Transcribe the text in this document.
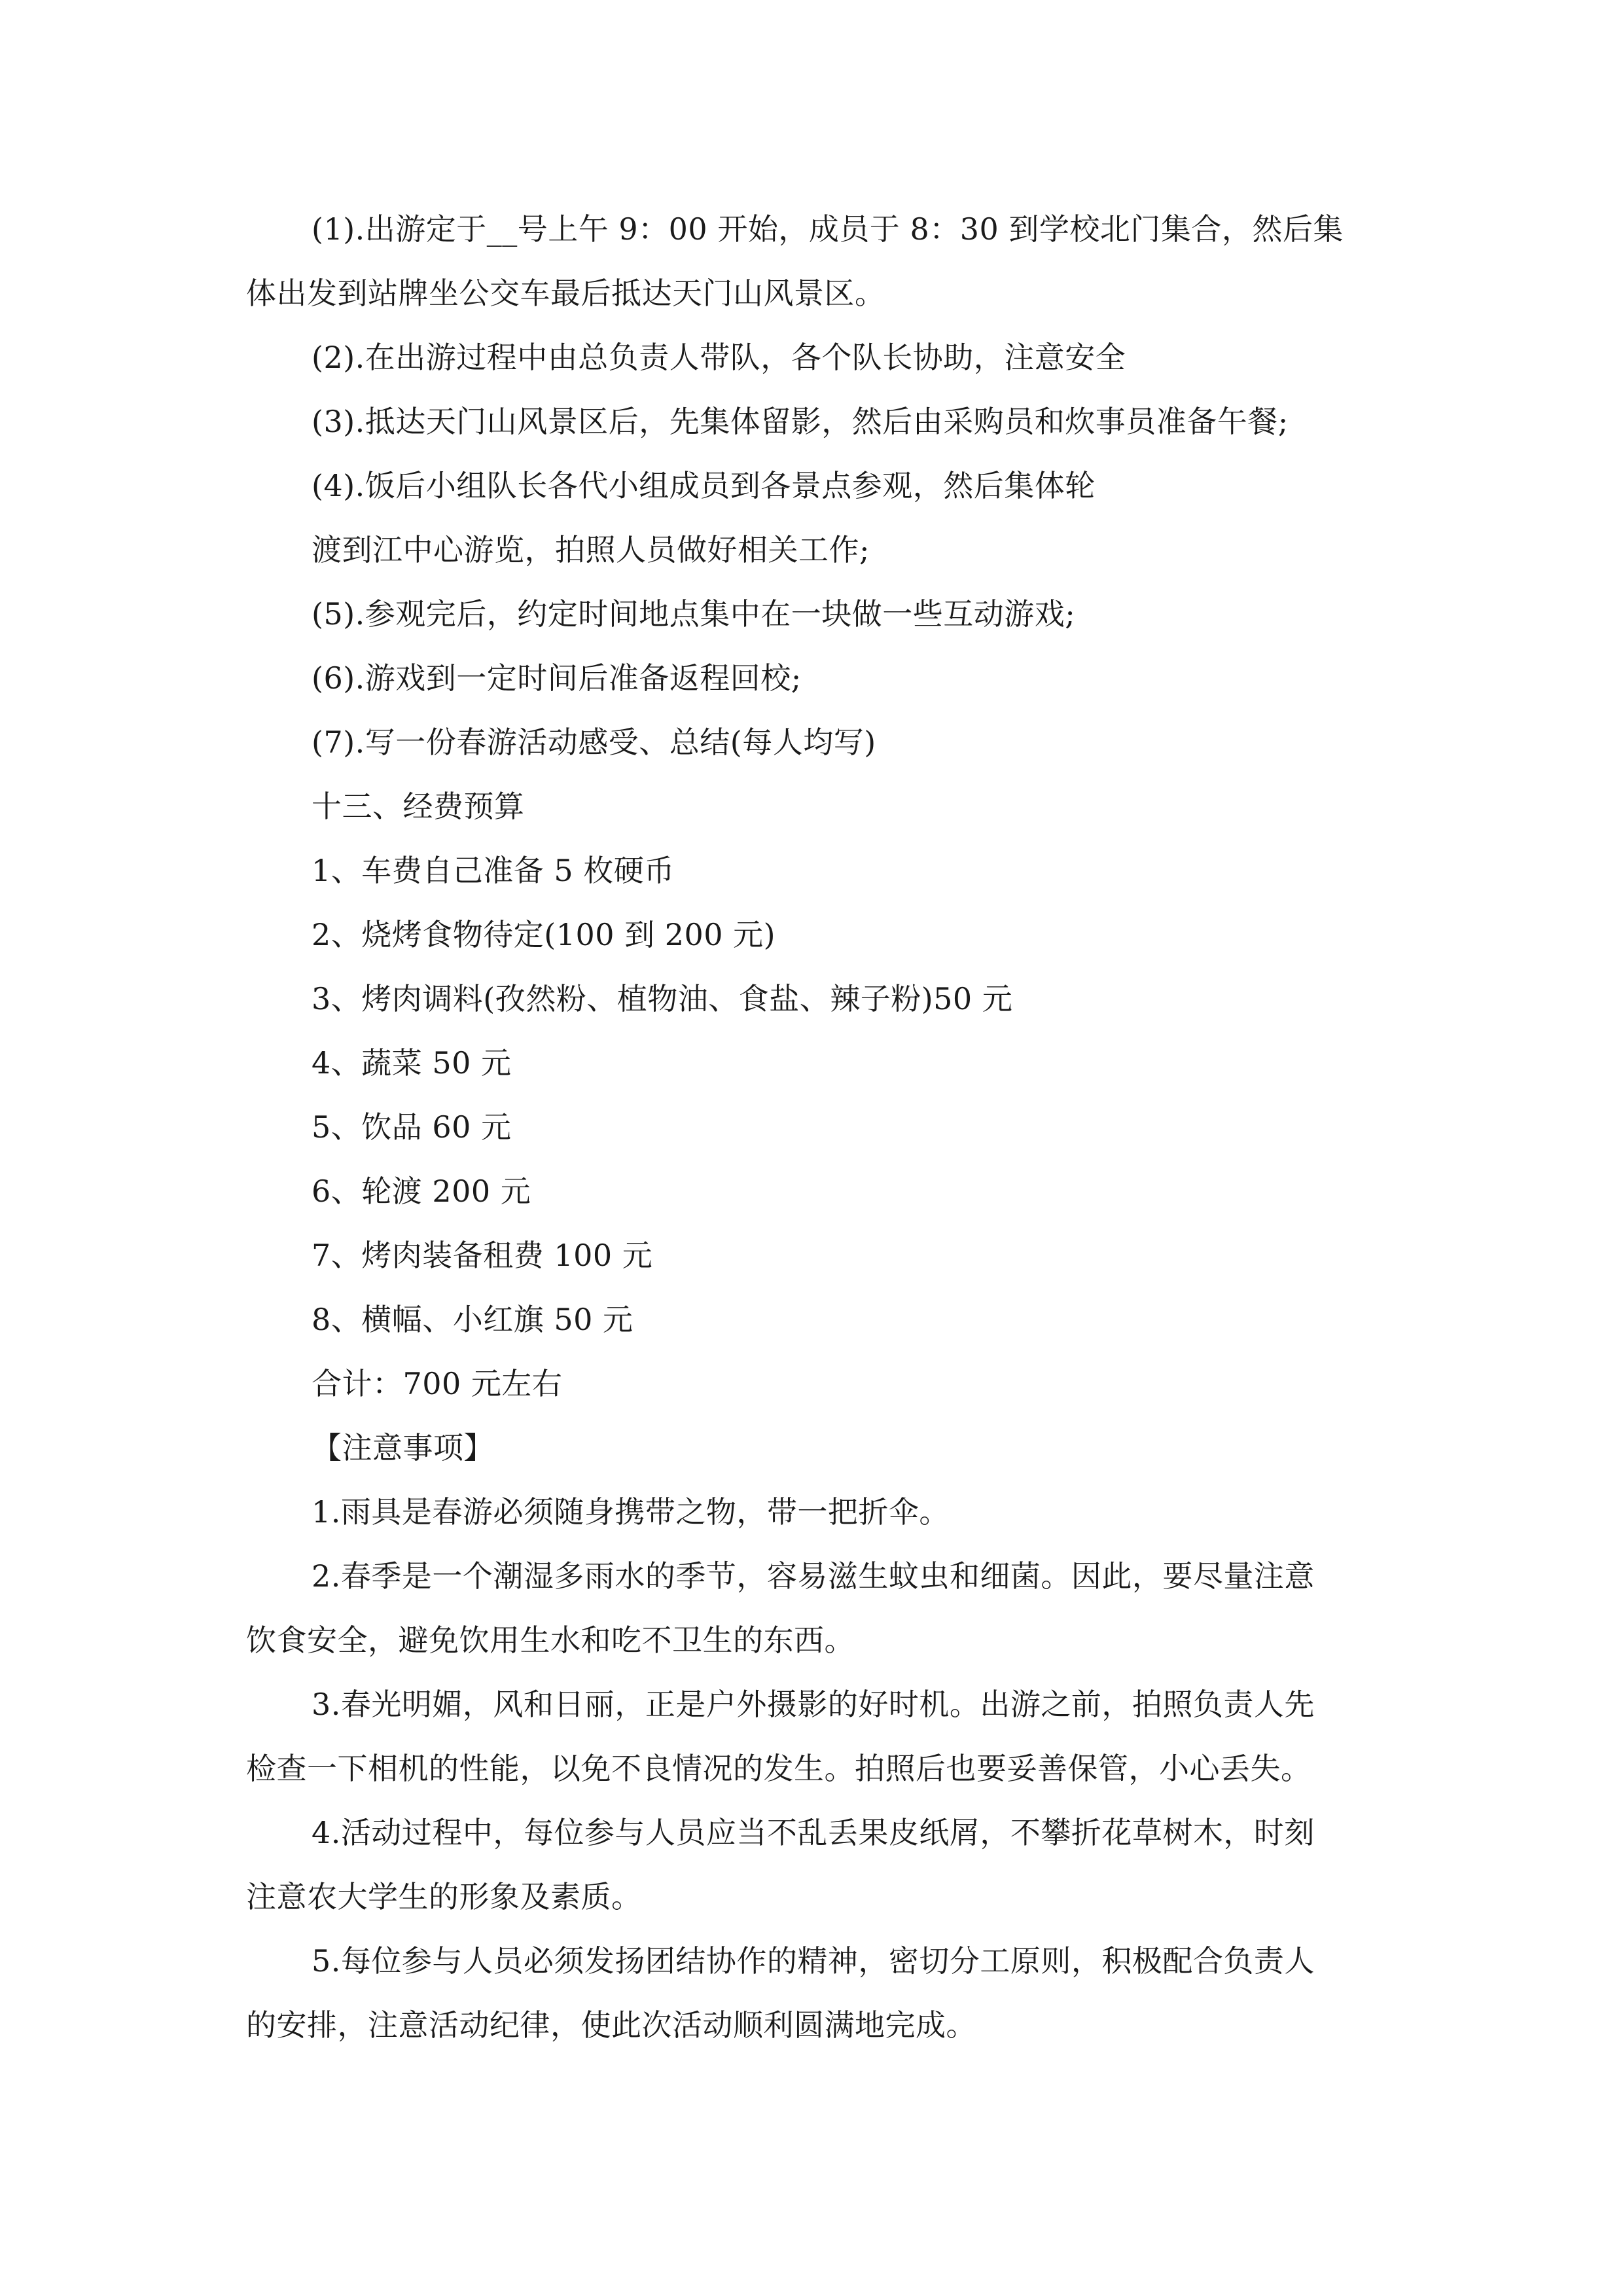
(1).出游定于__号上午 9：00 开始，成员于 8：30 到学校北门集合，然后集
体出发到站牌坐公交车最后抵达天门山风景区。
(2).在出游过程中由总负责人带队，各个队长协助，注意安全
(3).抵达天门山风景区后，先集体留影，然后由采购员和炊事员准备午餐;
(4).饭后小组队长各代小组成员到各景点参观，然后集体轮
渡到江中心游览，拍照人员做好相关工作;
(5).参观完后，约定时间地点集中在一块做一些互动游戏;
(6).游戏到一定时间后准备返程回校;
(7).写一份春游活动感受、总结(每人均写)
十三、经费预算
1、车费自己准备 5 枚硬币
2、烧烤食物待定(100 到 200 元)
3、烤肉调料(孜然粉、植物油、食盐、辣子粉)50 元
4、蔬菜 50 元
5、饮品 60 元
6、轮渡 200 元
7、烤肉装备租费 100 元
8、横幅、小红旗 50 元
合计：700 元左右
【注意事项】
1.雨具是春游必须随身携带之物，带一把折伞。
2.春季是一个潮湿多雨水的季节，容易滋生蚊虫和细菌。因此，要尽量注意
饮食安全，避免饮用生水和吃不卫生的东西。
3.春光明媚，风和日丽，正是户外摄影的好时机。出游之前，拍照负责人先
检查一下相机的性能，以免不良情况的发生。拍照后也要妥善保管，小心丢失。
4.活动过程中，每位参与人员应当不乱丢果皮纸屑，不攀折花草树木，时刻
注意农大学生的形象及素质。
5.每位参与人员必须发扬团结协作的精神，密切分工原则，积极配合负责人
的安排，注意活动纪律，使此次活动顺利圆满地完成。
